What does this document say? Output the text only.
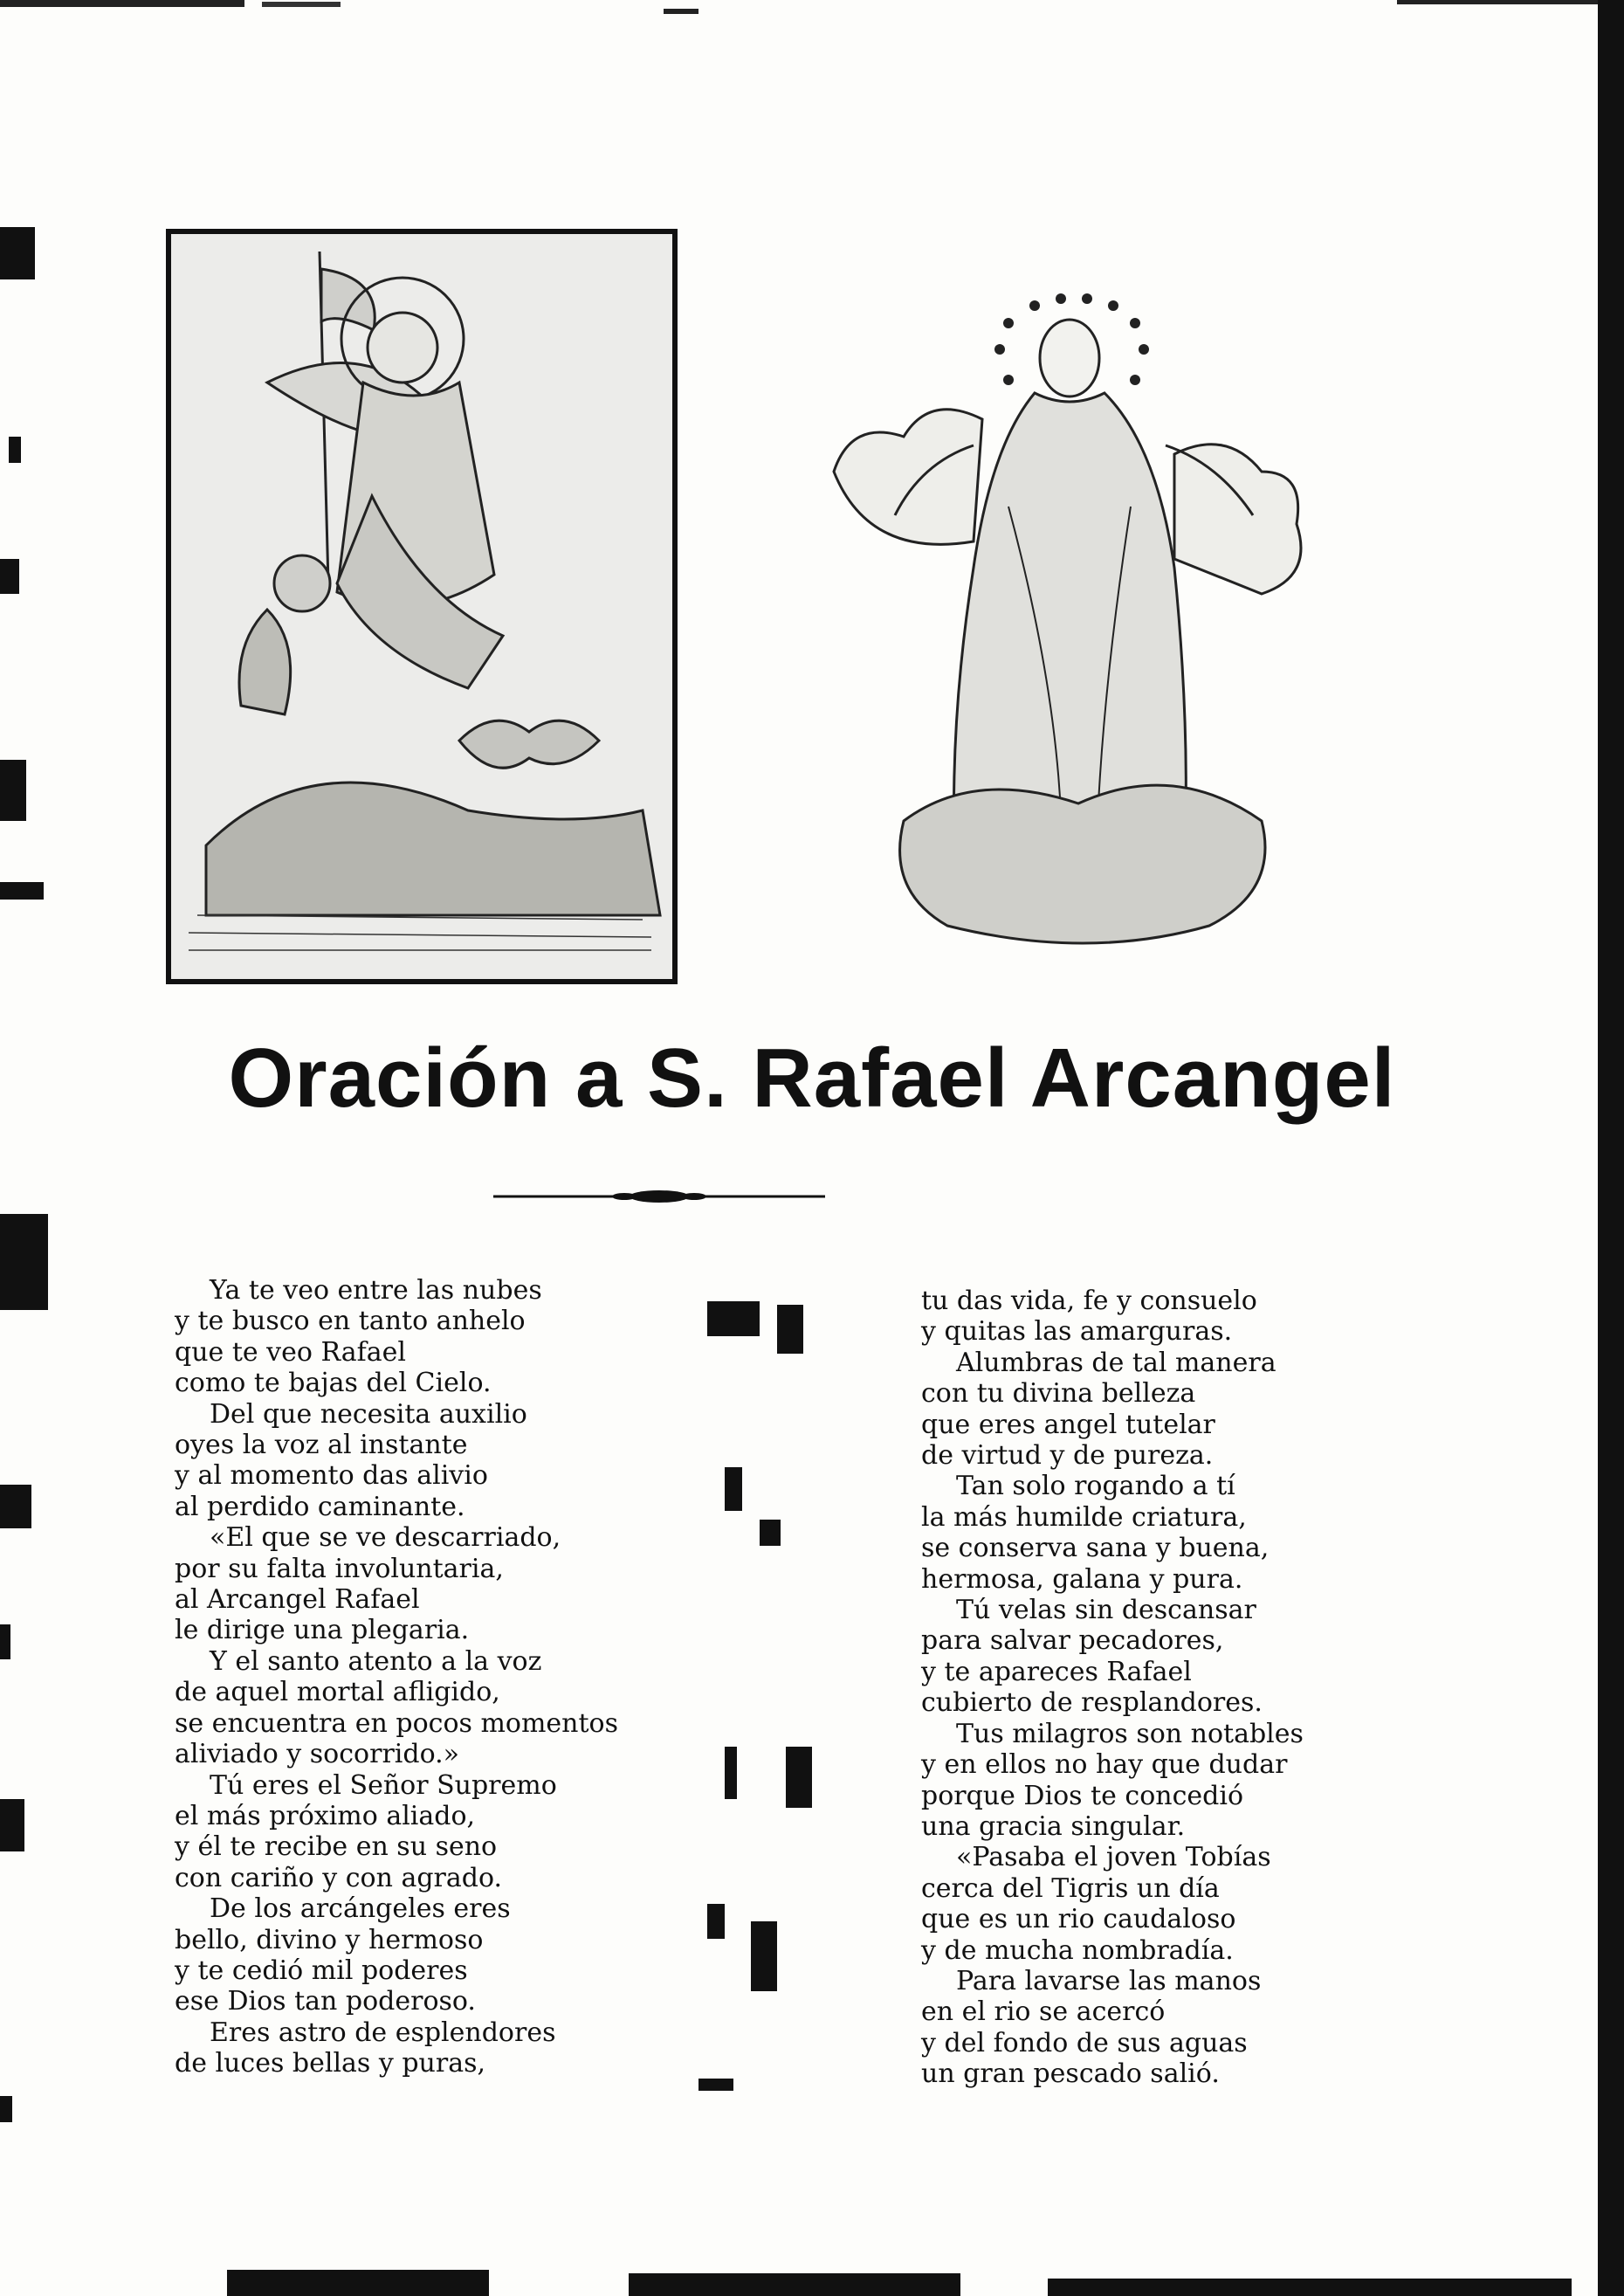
Oración a S. Rafael Arcangel
Ya te veo entre las nubes
y te busco en tanto anhelo
que te veo Rafael
como te bajas del Cielo.
Del que necesita auxilio
oyes la voz al instante
y al momento das alivio
al perdido caminante.
«El que se ve descarriado,
por su falta involuntaria,
al Arcangel Rafael
le dirige una plegaria.
Y el santo atento a la voz
de aquel mortal afligido,
se encuentra en pocos momentos
aliviado y socorrido.»
Tú eres el Señor Supremo
el más próximo aliado,
y él te recibe en su seno
con cariño y con agrado.
De los arcángeles eres
bello, divino y hermoso
y te cedió mil poderes
ese Dios tan poderoso.
Eres astro de esplendores
de luces bellas y puras,
tu das vida, fe y consuelo
y quitas las amarguras.
Alumbras de tal manera
con tu divina belleza
que eres angel tutelar
de virtud y de pureza.
Tan solo rogando a tí
la más humilde criatura,
se conserva sana y buena,
hermosa, galana y pura.
Tú velas sin descansar
para salvar pecadores,
y te apareces Rafael
cubierto de resplandores.
Tus milagros son notables
y en ellos no hay que dudar
porque Dios te concedió
una gracia singular.
«Pasaba el joven Tobías
cerca del Tigris un día
que es un rio caudaloso
y de mucha nombradía.
Para lavarse las manos
en el rio se acercó
y del fondo de sus aguas
un gran pescado salió.
